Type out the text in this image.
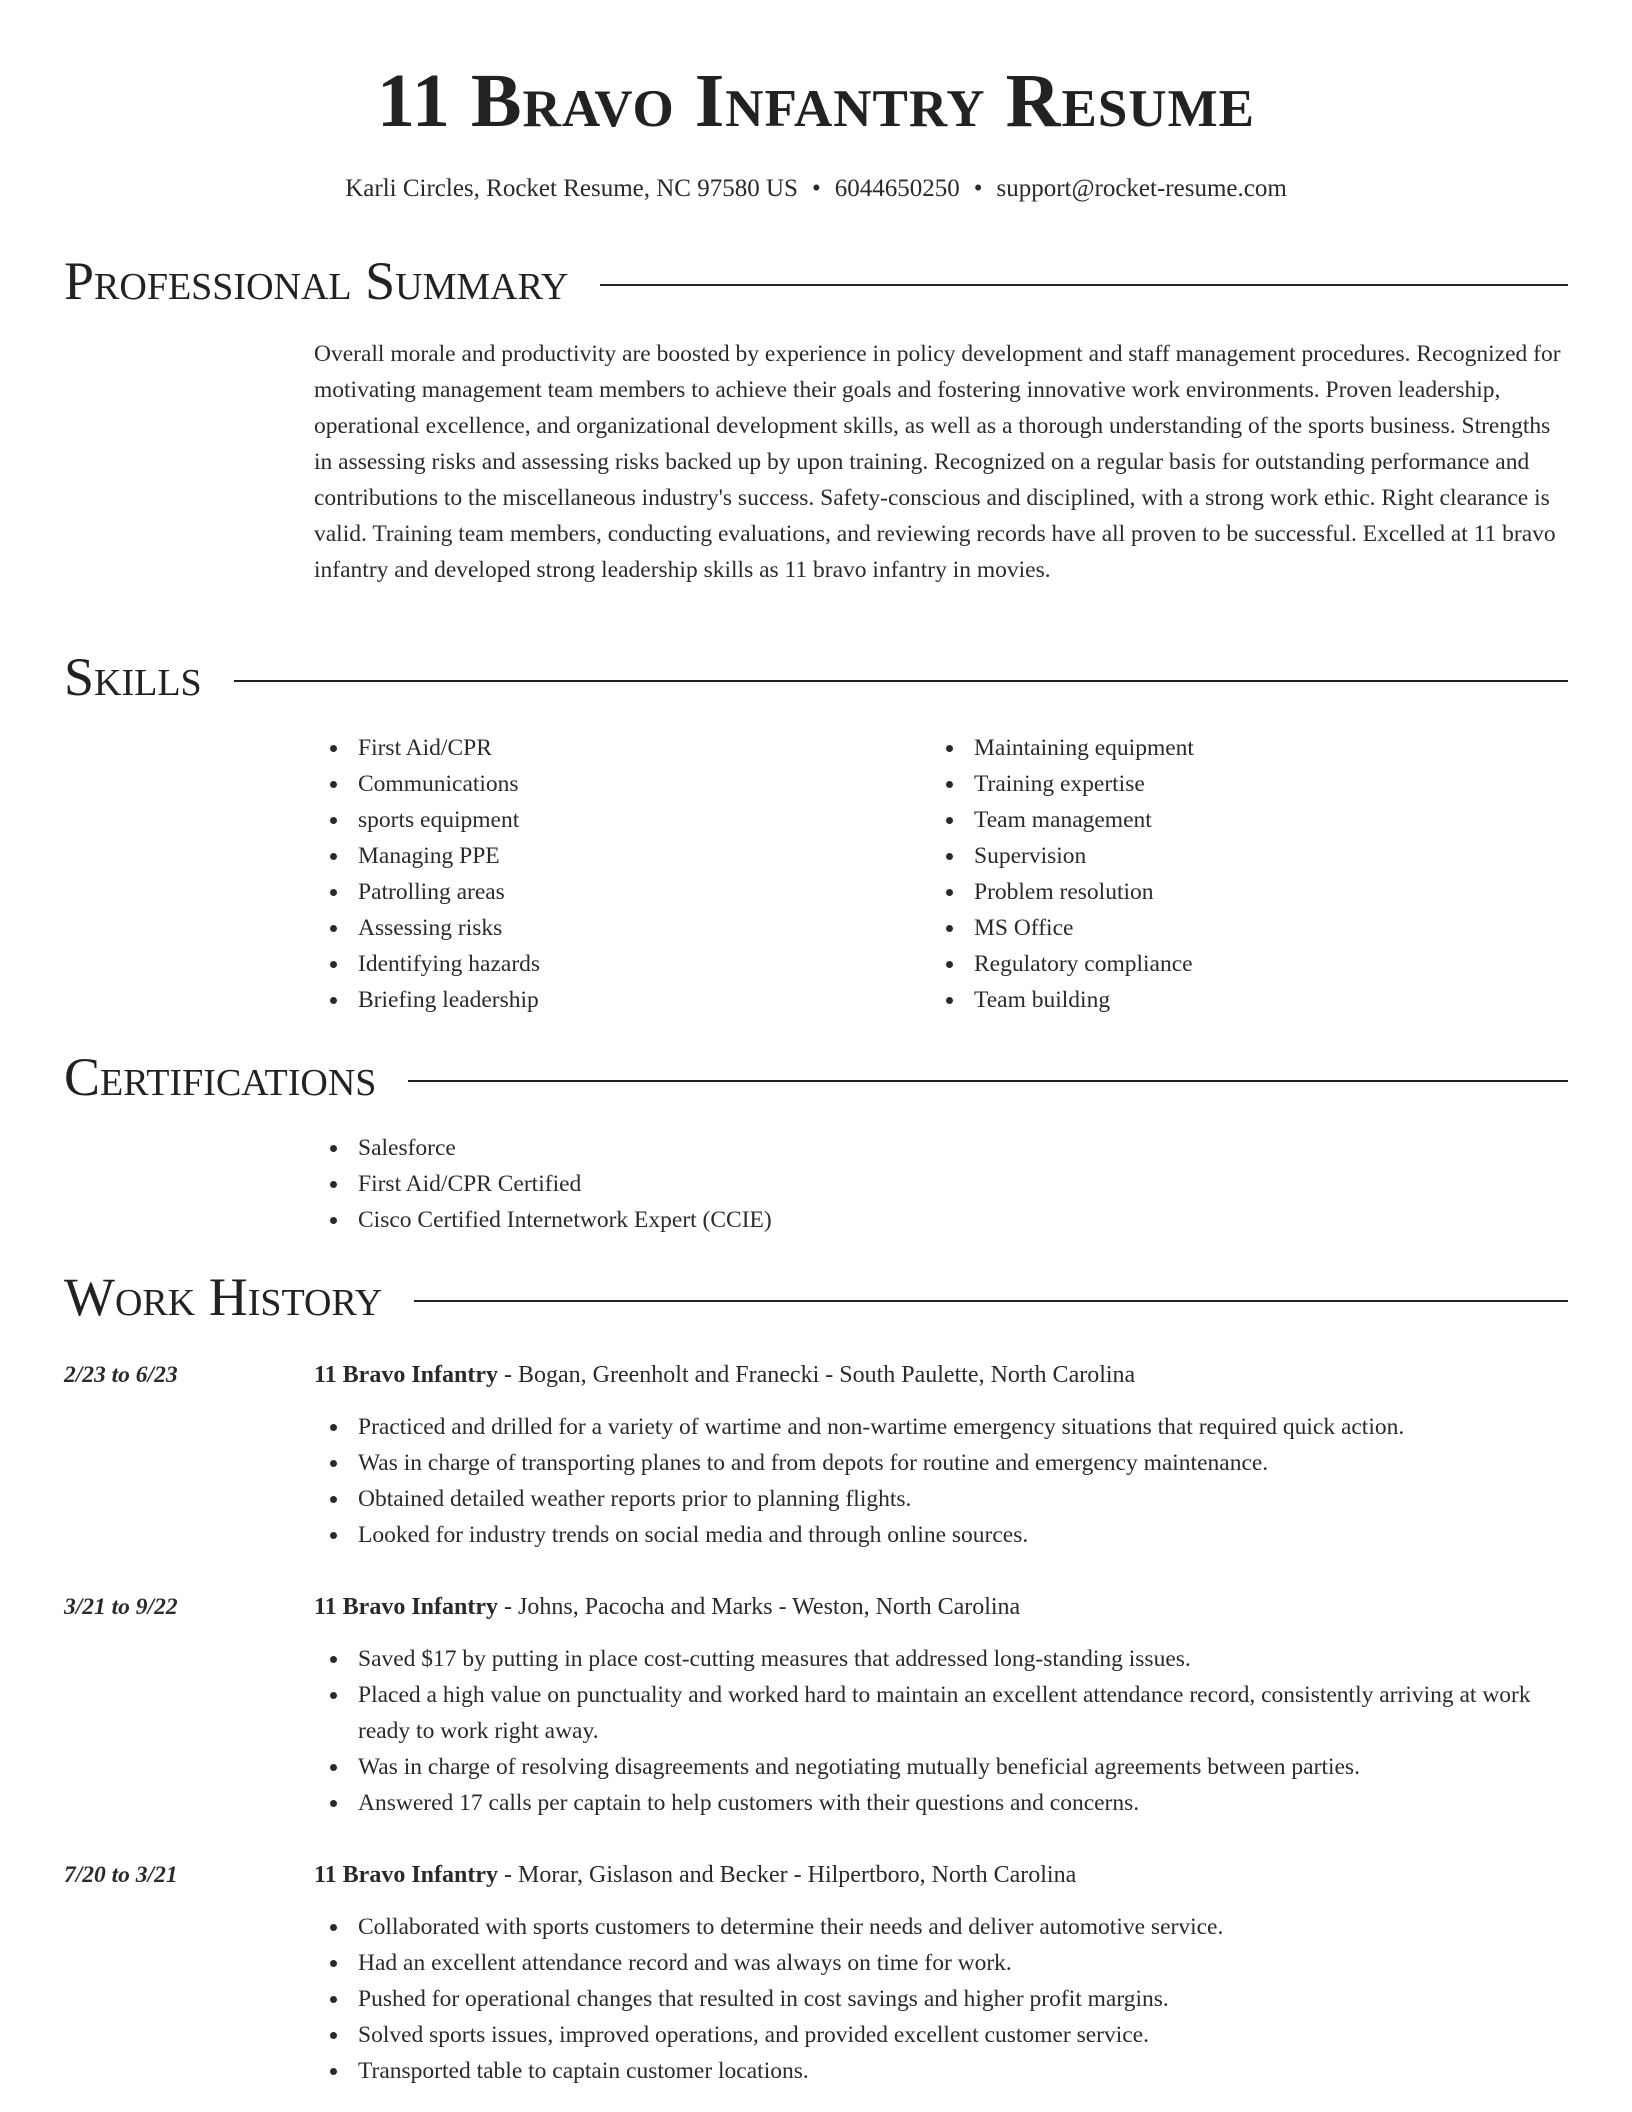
11 Bravo Infantry Resume
Karli Circles, Rocket Resume, NC 97580 US • 6044650250 • support@rocket-resume.com
Professional Summary

Overall morale and productivity are boosted by experience in policy development and staff management procedures. Recognized for motivating management team members to achieve their goals and fostering innovative work environments. Proven leadership, operational excellence, and organizational development skills, as well as a thorough understanding of the sports business. Strengths in assessing risks and assessing risks backed up by upon training. Recognized on a regular basis for outstanding performance and contributions to the miscellaneous industry's success. Safety-conscious and disciplined, with a strong work ethic. Right clearance is valid. Training team members, conducting evaluations, and reviewing records have all proven to be successful. Excelled at 11 bravo infantry and developed strong leadership skills as 11 bravo infantry in movies.

Skills
First Aid/CPR
Communications
sports equipment
Managing PPE
Patrolling areas
Assessing risks
Identifying hazards
Briefing leadership
Maintaining equipment
Training expertise
Team management
Supervision
Problem resolution
MS Office
Regulatory compliance
Team building
Certifications
Salesforce
First Aid/CPR Certified
Cisco Certified Internetwork Expert (CCIE)
Work History
2/23 to 6/23	11 Bravo Infantry - Bogan, Greenholt and Franecki - South Paulette, North Carolina
Practiced and drilled for a variety of wartime and non-wartime emergency situations that required quick action.
Was in charge of transporting planes to and from depots for routine and emergency maintenance.
Obtained detailed weather reports prior to planning flights.
Looked for industry trends on social media and through online sources.
3/21 to 9/22	11 Bravo Infantry - Johns, Pacocha and Marks - Weston, North Carolina
Saved $17 by putting in place cost-cutting measures that addressed long-standing issues.
Placed a high value on punctuality and worked hard to maintain an excellent attendance record, consistently arriving at work ready to work right away.
Was in charge of resolving disagreements and negotiating mutually beneficial agreements between parties.
Answered 17 calls per captain to help customers with their questions and concerns.
7/20 to 3/21	11 Bravo Infantry - Morar, Gislason and Becker - Hilpertboro, North Carolina
Collaborated with sports customers to determine their needs and deliver automotive service.
Had an excellent attendance record and was always on time for work.
Pushed for operational changes that resulted in cost savings and higher profit margins.
Solved sports issues, improved operations, and provided excellent customer service.
Transported table to captain customer locations.
